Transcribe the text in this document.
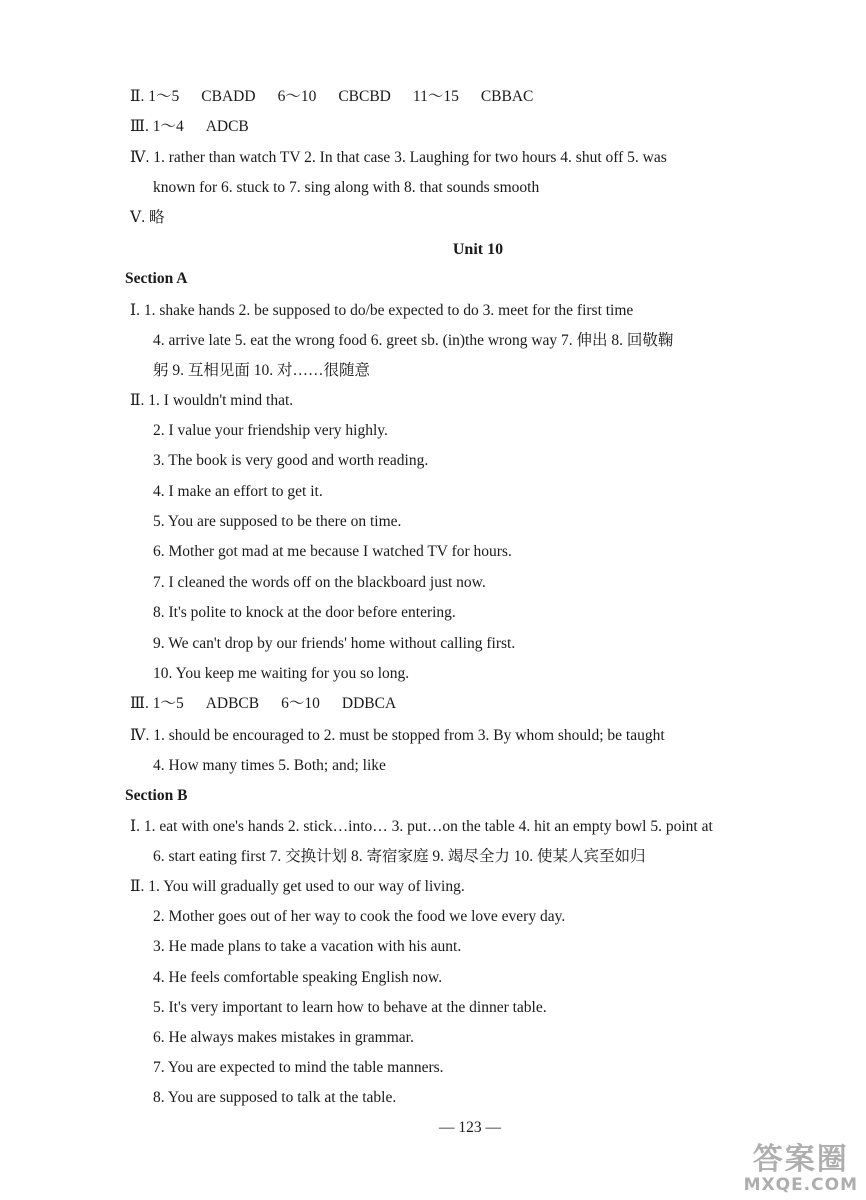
Ⅱ. 1～5 CBADD 6～10 CBCBD 11～15 CBBAC
Ⅲ. 1～4 ADCB
Ⅳ. 1. rather than watch TV 2. In that case 3. Laughing for two hours 4. shut off 5. was
known for 6. stuck to 7. sing along with 8. that sounds smooth
Ⅴ. 略
Unit 10
Section A
Ⅰ. 1. shake hands 2. be supposed to do/be expected to do 3. meet for the first time
4. arrive late 5. eat the wrong food 6. greet sb. (in)the wrong way 7. 伸出 8. 回敬鞠
躬 9. 互相见面 10. 对……很随意
Ⅱ. 1. I wouldn't mind that.
2. I value your friendship very highly.
3. The book is very good and worth reading.
4. I make an effort to get it.
5. You are supposed to be there on time.
6. Mother got mad at me because I watched TV for hours.
7. I cleaned the words off on the blackboard just now.
8. It's polite to knock at the door before entering.
9. We can't drop by our friends' home without calling first.
10. You keep me waiting for you so long.
Ⅲ. 1～5 ADBCB 6～10 DDBCA
Ⅳ. 1. should be encouraged to 2. must be stopped from 3. By whom should; be taught
4. How many times 5. Both; and; like
Section B
Ⅰ. 1. eat with one's hands 2. stick…into… 3. put…on the table 4. hit an empty bowl 5. point at
6. start eating first 7. 交换计划 8. 寄宿家庭 9. 竭尽全力 10. 使某人宾至如归
Ⅱ. 1. You will gradually get used to our way of living.
2. Mother goes out of her way to cook the food we love every day.
3. He made plans to take a vacation with his aunt.
4. He feels comfortable speaking English now.
5. It's very important to learn how to behave at the dinner table.
6. He always makes mistakes in grammar.
7. You are expected to mind the table manners.
8. You are supposed to talk at the table.
— 123 —
答案圈
MXQE.COM
